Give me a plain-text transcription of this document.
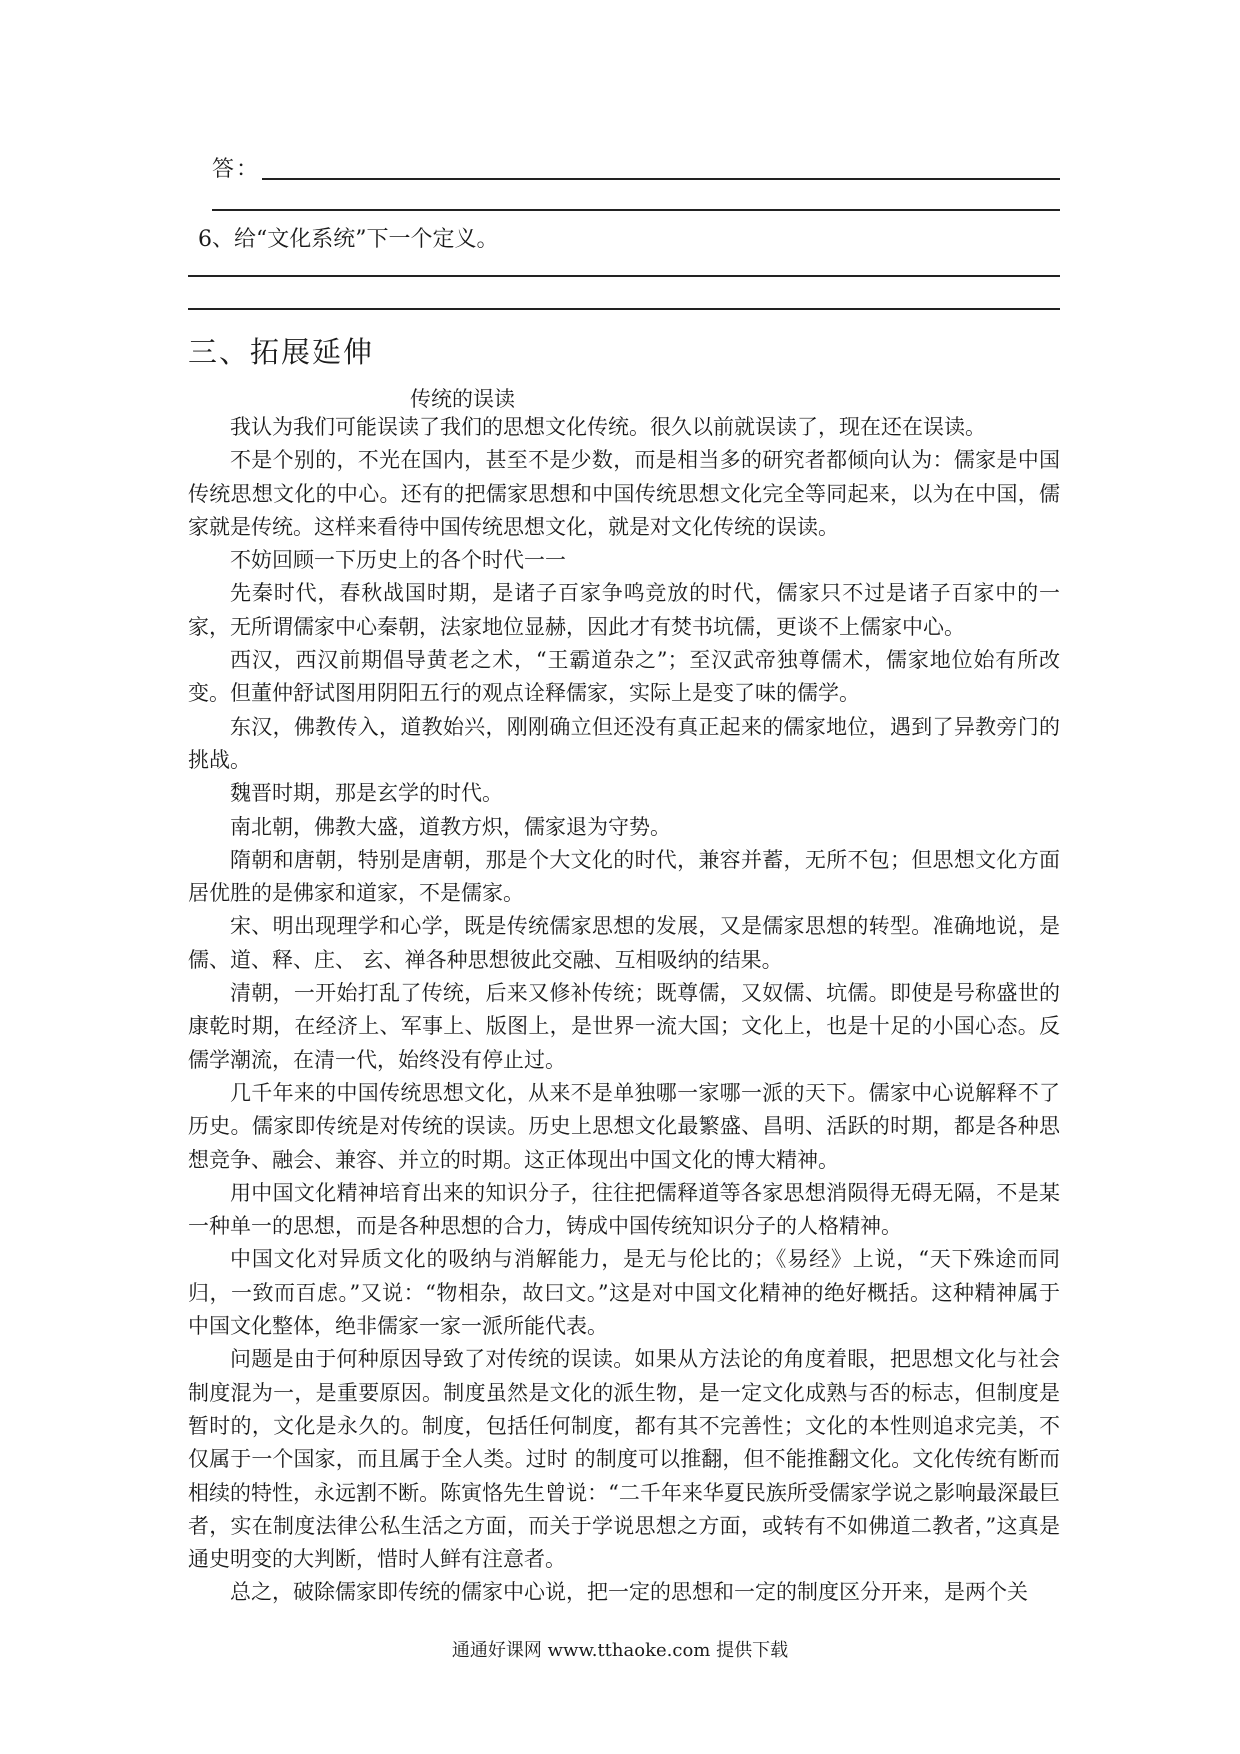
答：
6、给“文化系统”下一个定义。
三、拓展延伸
传统的误读

我认为我们可能误读了我们的思想文化传统。很久以前就误读了，现在还在误读。

不是个别的，不光在国内，甚至不是少数，而是相当多的研究者都倾向认为：儒家是中国传统思想文化的中心。还有的把儒家思想和中国传统思想文化完全等同起来，以为在中国，儒家就是传统。这样来看待中国传统思想文化，就是对文化传统的误读。

不妨回顾一下历史上的各个时代一一

先秦时代，春秋战国时期，是诸子百家争鸣竞放的时代，儒家只不过是诸子百家中的一家，无所谓儒家中心秦朝，法家地位显赫，因此才有焚书坑儒，更谈不上儒家中心。

西汉，西汉前期倡导黄老之术，“王霸道杂之”；至汉武帝独尊儒术，儒家地位始有所改变。但董仲舒试图用阴阳五行的观点诠释儒家，实际上是变了味的儒学。

东汉，佛教传入，道教始兴，刚刚确立但还没有真正起来的儒家地位，遇到了异教旁门的挑战。

魏晋时期，那是玄学的时代。

南北朝，佛教大盛，道教方炽，儒家退为守势。

隋朝和唐朝，特别是唐朝，那是个大文化的时代，兼容并蓄，无所不包；但思想文化方面居优胜的是佛家和道家，不是儒家。

宋、明出现理学和心学，既是传统儒家思想的发展，又是儒家思想的转型。准确地说，是儒、道、释、庄、 玄、禅各种思想彼此交融、互相吸纳的结果。

清朝，一开始打乱了传统，后来又修补传统；既尊儒，又奴儒、坑儒。即使是号称盛世的康乾时期，在经济上、军事上、版图上，是世界一流大国；文化上，也是十足的小国心态。反儒学潮流，在清一代，始终没有停止过。

几千年来的中国传统思想文化，从来不是单独哪一家哪一派的天下。儒家中心说解释不了历史。儒家即传统是对传统的误读。历史上思想文化最繁盛、昌明、活跃的时期，都是各种思想竞争、融会、兼容、并立的时期。这正体现出中国文化的博大精神。

用中国文化精神培育出来的知识分子，往往把儒释道等各家思想消陨得无碍无隔，不是某一种单一的思想，而是各种思想的合力，铸成中国传统知识分子的人格精神。

中国文化对异质文化的吸纳与消解能力，是无与伦比的；《易经》上说，“天下殊途而同归，一致而百虑。”又说：“物相杂，故曰文。”这是对中国文化精神的绝好概括。这种精神属于中国文化整体，绝非儒家一家一派所能代表。

问题是由于何种原因导致了对传统的误读。如果从方法论的角度着眼，把思想文化与社会制度混为一，是重要原因。制度虽然是文化的派生物，是一定文化成熟与否的标志，但制度是暂时的，文化是永久的。制度，包括任何制度，都有其不完善性；文化的本性则追求完美，不仅属于一个国家，而且属于全人类。过时 的制度可以推翻，但不能推翻文化。文化传统有断而相续的特性，永远割不断。陈寅恪先生曾说：“二千年来华夏民族所受儒家学说之影响最深最巨者，实在制度法律公私生活之方面，而关于学说思想之方面，或转有不如佛道二教者，”这真是通史明变的大判断，惜时人鲜有注意者。

总之，破除儒家即传统的儒家中心说，把一定的思想和一定的制度区分开来，是两个关

通通好课网 www.tthaoke.com 提供下载
